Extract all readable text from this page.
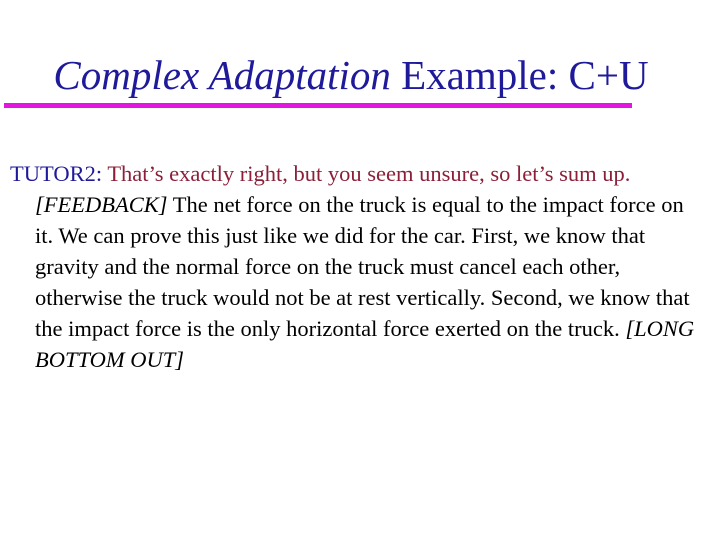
Complex Adaptation Example: C+U

TUTOR2: That’s exactly right, but you seem unsure, so let’s sum up. [FEEDBACK] The net force on the truck is equal to the impact force on it. We can prove this just like we did for the car. First, we know that gravity and the normal force on the truck must cancel each other, otherwise the truck would not be at rest vertically. Second, we know that the impact force is the only horizontal force exerted on the truck. [LONG BOTTOM OUT]
